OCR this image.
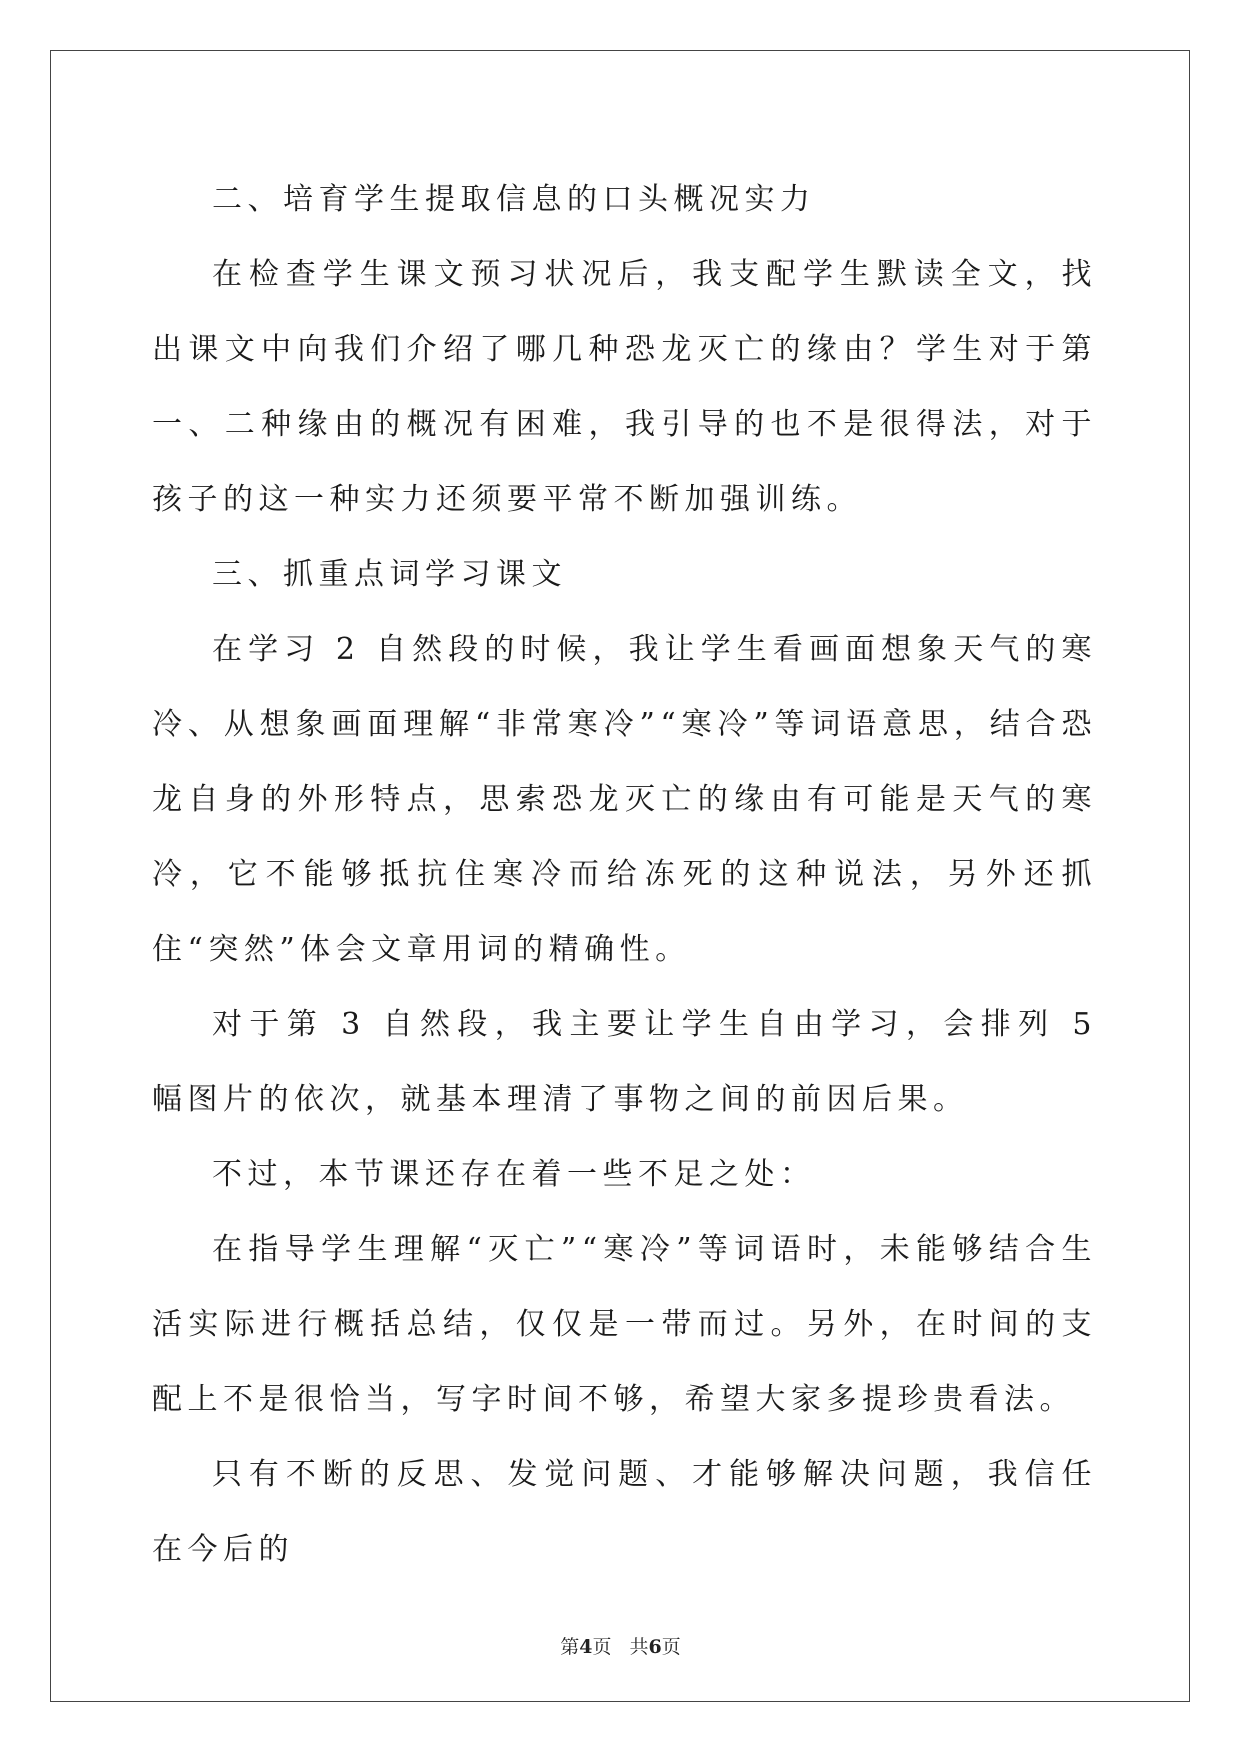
二、培育学生提取信息的口头概况实力

在检查学生课文预习状况后，我支配学生默读全文，找出课文中向我们介绍了哪几种恐龙灭亡的缘由？学生对于第一、二种缘由的概况有困难，我引导的也不是很得法，对于孩子的这一种实力还须要平常不断加强训练。

三、抓重点词学习课文

在学习 2 自然段的时候，我让学生看画面想象天气的寒冷、从想象画面理解“非常寒冷”“寒冷”等词语意思，结合恐龙自身的外形特点，思索恐龙灭亡的缘由有可能是天气的寒冷，它不能够抵抗住寒冷而给冻死的这种说法，另外还抓住“突然”体会文章用词的精确性。

对于第 3 自然段，我主要让学生自由学习，会排列 5 幅图片的依次，就基本理清了事物之间的前因后果。

不过，本节课还存在着一些不足之处：

在指导学生理解“灭亡”“寒冷”等词语时，未能够结合生活实际进行概括总结，仅仅是一带而过。另外，在时间的支配上不是很恰当，写字时间不够，希望大家多提珍贵看法。

只有不断的反思、发觉问题、才能够解决问题，我信任在今后的

第4页 共6页
